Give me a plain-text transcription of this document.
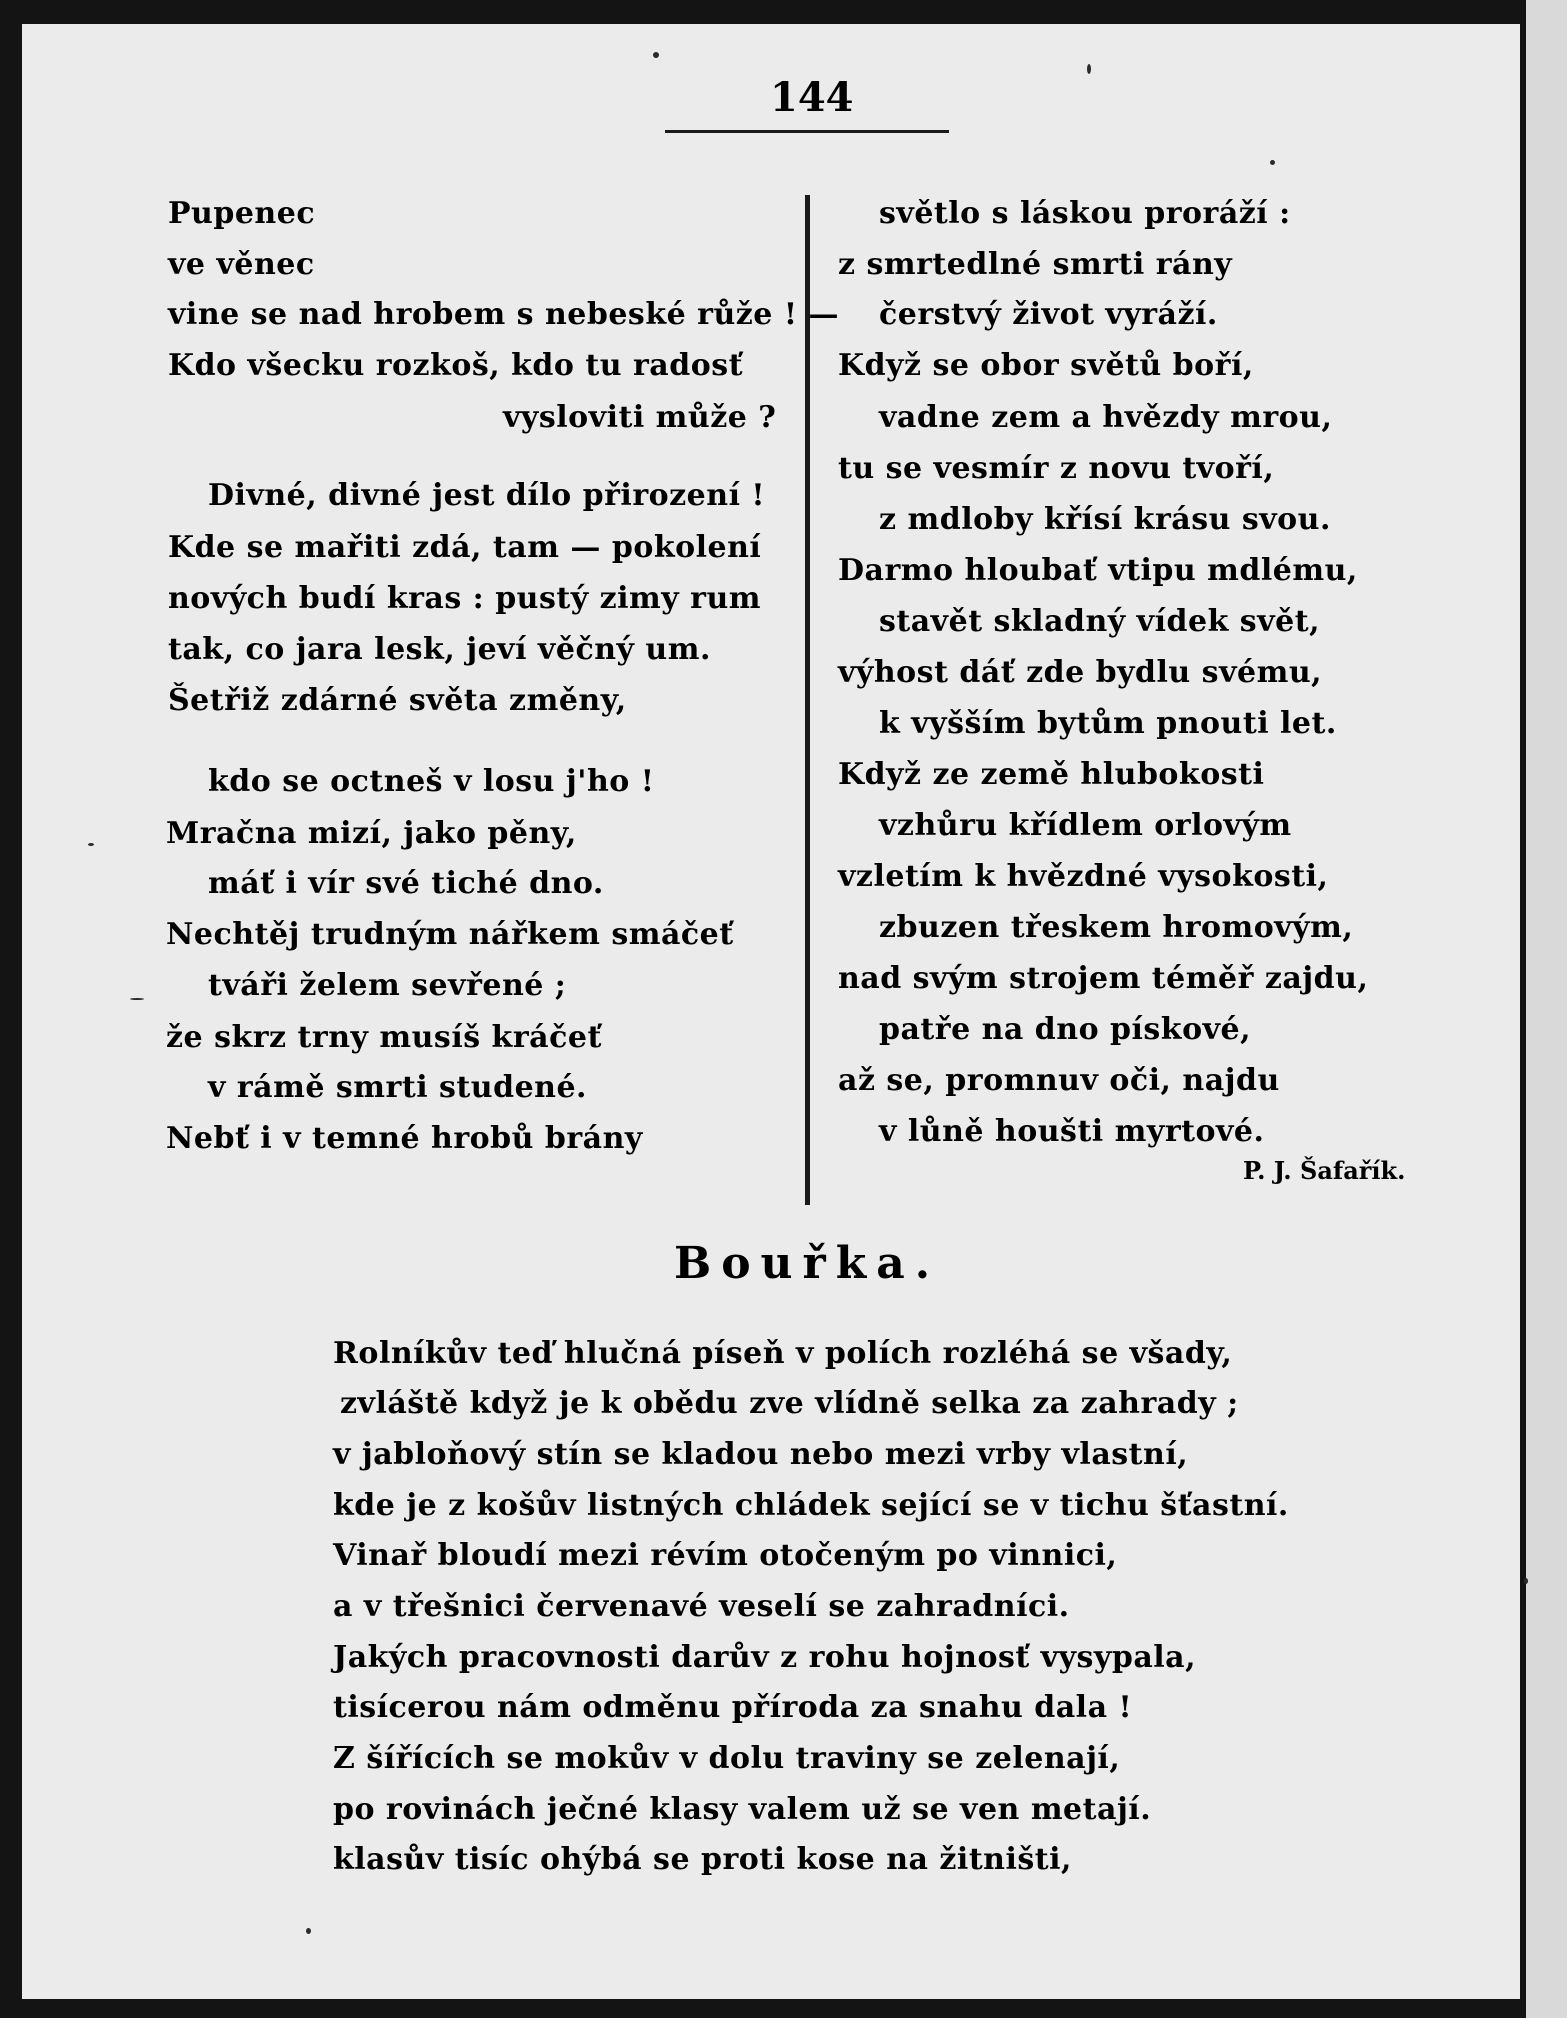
144
Pupenec
ve věnec
vine se nad hrobem s nebeské růže ! —
Kdo všecku rozkoš, kdo tu radosť
vysloviti může ?
Divné, divné jest dílo přirození !
Kde se mařiti zdá, tam — pokolení
nových budí kras : pustý zimy rum
tak, co jara lesk, jeví věčný um.
Šetřiž zdárné světa změny,
kdo se octneš v losu j'ho !
Mračna mizí, jako pěny,
máť i vír své tiché dno.
Nechtěj trudným nářkem smáčeť
tváři želem sevřené ;
že skrz trny musíš kráčeť
v rámě smrti studené.
Nebť i v temné hrobů brány
světlo s láskou proráží :
z smrtedlné smrti rány
čerstvý život vyráží.
Když se obor světů boří,
vadne zem a hvězdy mrou,
tu se vesmír z novu tvoří,
z mdloby křísí krásu svou.
Darmo hloubať vtipu mdlému,
stavět skladný vídek svět,
výhost dáť zde bydlu svému,
k vyšším bytům pnouti let.
Když ze země hlubokosti
vzhůru křídlem orlovým
vzletím k hvězdné vysokosti,
zbuzen třeskem hromovým,
nad svým strojem téměř zajdu,
patře na dno pískové,
až se, promnuv oči, najdu
v lůně houšti myrtové.
P. J. Šafařík.
Bouřka.
Rolníkův teď hlučná píseň v polích rozléhá se všady,
zvláště když je k obědu zve vlídně selka za zahrady ;
v jabloňový stín se kladou nebo mezi vrby vlastní,
kde je z košův listných chládek sející se v tichu šťastní.
Vinař bloudí mezi révím otočeným po vinnici,
a v třešnici červenavé veselí se zahradníci.
Jakých pracovnosti darův z rohu hojnosť vysypala,
tisícerou nám odměnu příroda za snahu dala !
Z šířících se mokův v dolu traviny se zelenají,
po rovinách ječné klasy valem už se ven metají.
klasův tisíc ohýbá se proti kose na žitništi,
